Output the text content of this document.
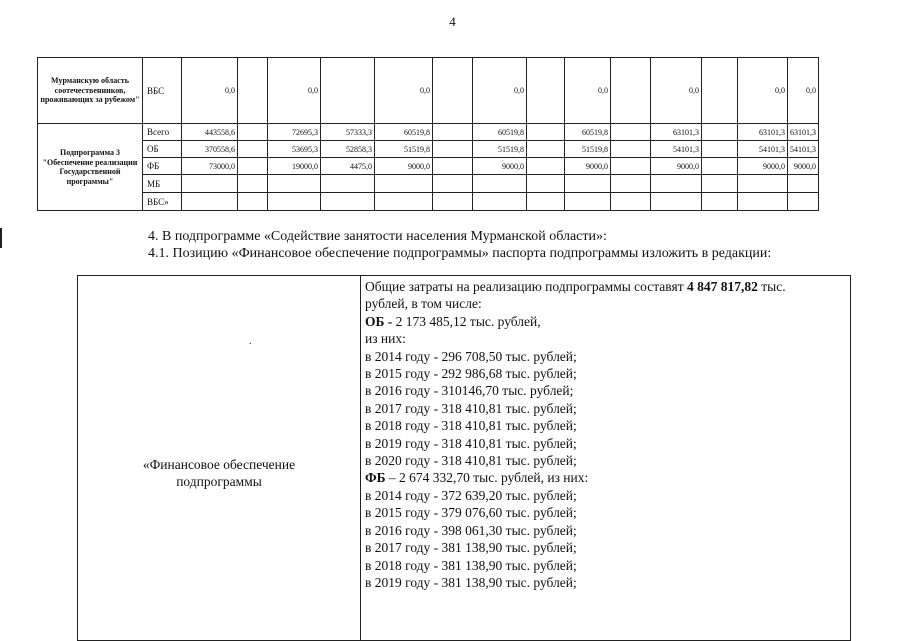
4
Мурманскую область соотечественников, проживающих за рубежом"	ВБС	0,0		0,0		0,0		0,0		0,0		0,0		0,0	0,0
Подпрограмма 3 "Обеспечение реализации Государственной программы"	Всего	443558,6		72695,3	57333,3	60519,8		60519,8		60519,8		63101,3		63101,3	63101,3
	ОБ	370558,6		53695,3	52858,3	51519,8		51519,8		51519,8		54101,3		54101,3	54101,3
	ФБ	73000,0		19000,0	4475,0	9000,0		9000,0		9000,0		9000,0		9000,0	9000,0
	МБ														
	ВБС»														
4. В подпрограмме «Содействие занятости населения Мурманской области»:
4.1. Позицию «Финансовое обеспечение подпрограммы» паспорта подпрограммы изложить в редакции:
.
«Финансовое обеспечение
подпрограммы

Общие затраты на реализацию подпрограммы составят 4 847 817,82 тыс.
рублей, в том числе:
ОБ - 2 173 485,12 тыс. рублей,
из них:
в 2014 году - 296 708,50 тыс. рублей;
в 2015 году - 292 986,68 тыс. рублей;
в 2016 году - 310146,70 тыс. рублей;
в 2017 году - 318 410,81 тыс. рублей;
в 2018 году - 318 410,81 тыс. рублей;
в 2019 году - 318 410,81 тыс. рублей;
в 2020 году - 318 410,81 тыс. рублей;
ФБ – 2 674 332,70 тыс. рублей, из них:
в 2014 году - 372 639,20 тыс. рублей;
в 2015 году - 379 076,60 тыс. рублей;
в 2016 году - 398 061,30 тыс. рублей;
в 2017 году - 381 138,90 тыс. рублей;
в 2018 году - 381 138,90 тыс. рублей;
в 2019 году - 381 138,90 тыс. рублей;
